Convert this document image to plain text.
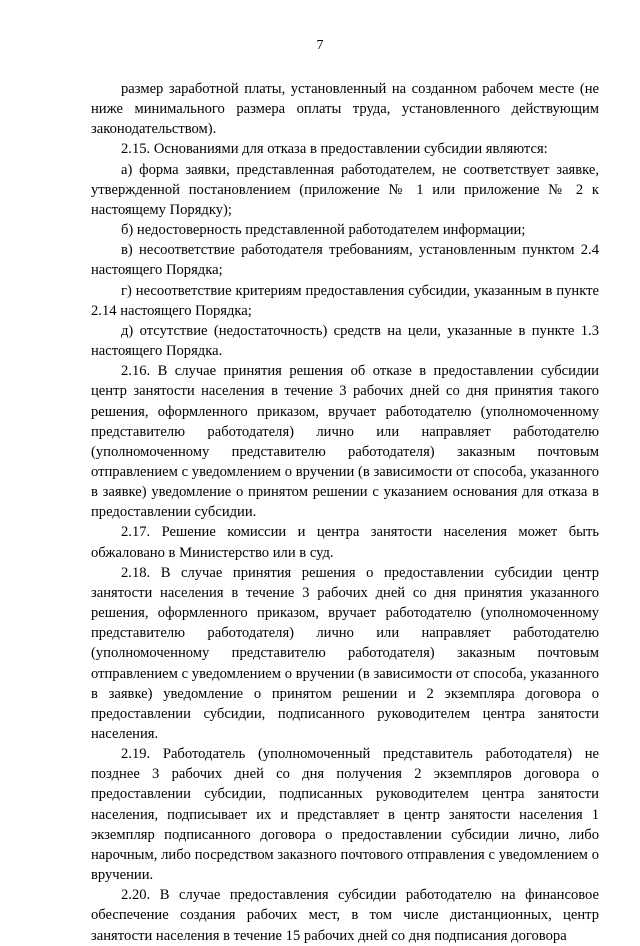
7

размер заработной платы, установленный на созданном рабочем месте (не ниже минимального размера оплаты труда, установленного действующим законодательством).

2.15. Основаниями для отказа в предоставлении субсидии являются:

а) форма заявки, представленная работодателем, не соответствует заявке, утвержденной постановлением (приложение № 1 или приложение № 2 к настоящему Порядку);

б) недостоверность представленной работодателем информации;

в) несоответствие работодателя требованиям, установленным пунктом 2.4 настоящего Порядка;

г) несоответствие критериям предоставления субсидии, указанным в пункте 2.14 настоящего Порядка;

д) отсутствие (недостаточность) средств на цели, указанные в пункте 1.3 настоящего Порядка.

2.16. В случае принятия решения об отказе в предоставлении субсидии центр занятости населения в течение 3 рабочих дней со дня принятия такого решения, оформленного приказом, вручает работодателю (уполномоченному представителю работодателя) лично или направляет работодателю (уполномоченному представителю работодателя) заказным почтовым отправлением с уведомлением о вручении (в зависимости от способа, указанного в заявке) уведомление о принятом решении с указанием основания для отказа в предоставлении субсидии.

2.17. Решение комиссии и центра занятости населения может быть обжаловано в Министерство или в суд.

2.18. В случае принятия решения о предоставлении субсидии центр занятости населения в течение 3 рабочих дней со дня принятия указанного решения, оформленного приказом, вручает работодателю (уполномоченному представителю работодателя) лично или направляет работодателю (уполномоченному представителю работодателя) заказным почтовым отправлением с уведомлением о вручении (в зависимости от способа, указанного в заявке) уведомление о принятом решении и 2 экземпляра договора о предоставлении субсидии, подписанного руководителем центра занятости населения.

2.19. Работодатель (уполномоченный представитель работодателя) не позднее 3 рабочих дней со дня получения 2 экземпляров договора о предоставлении субсидии, подписанных руководителем центра занятости населения, подписывает их и представляет в центр занятости населения 1 экземпляр подписанного договора о предоставлении субсидии лично, либо нарочным, либо посредством заказного почтового отправления с уведомлением о вручении.

2.20. В случае предоставления субсидии работодателю на финансовое обеспечение создания рабочих мест, в том числе дистанционных, центр занятости населения в течение 15 рабочих дней со дня подписания договора
